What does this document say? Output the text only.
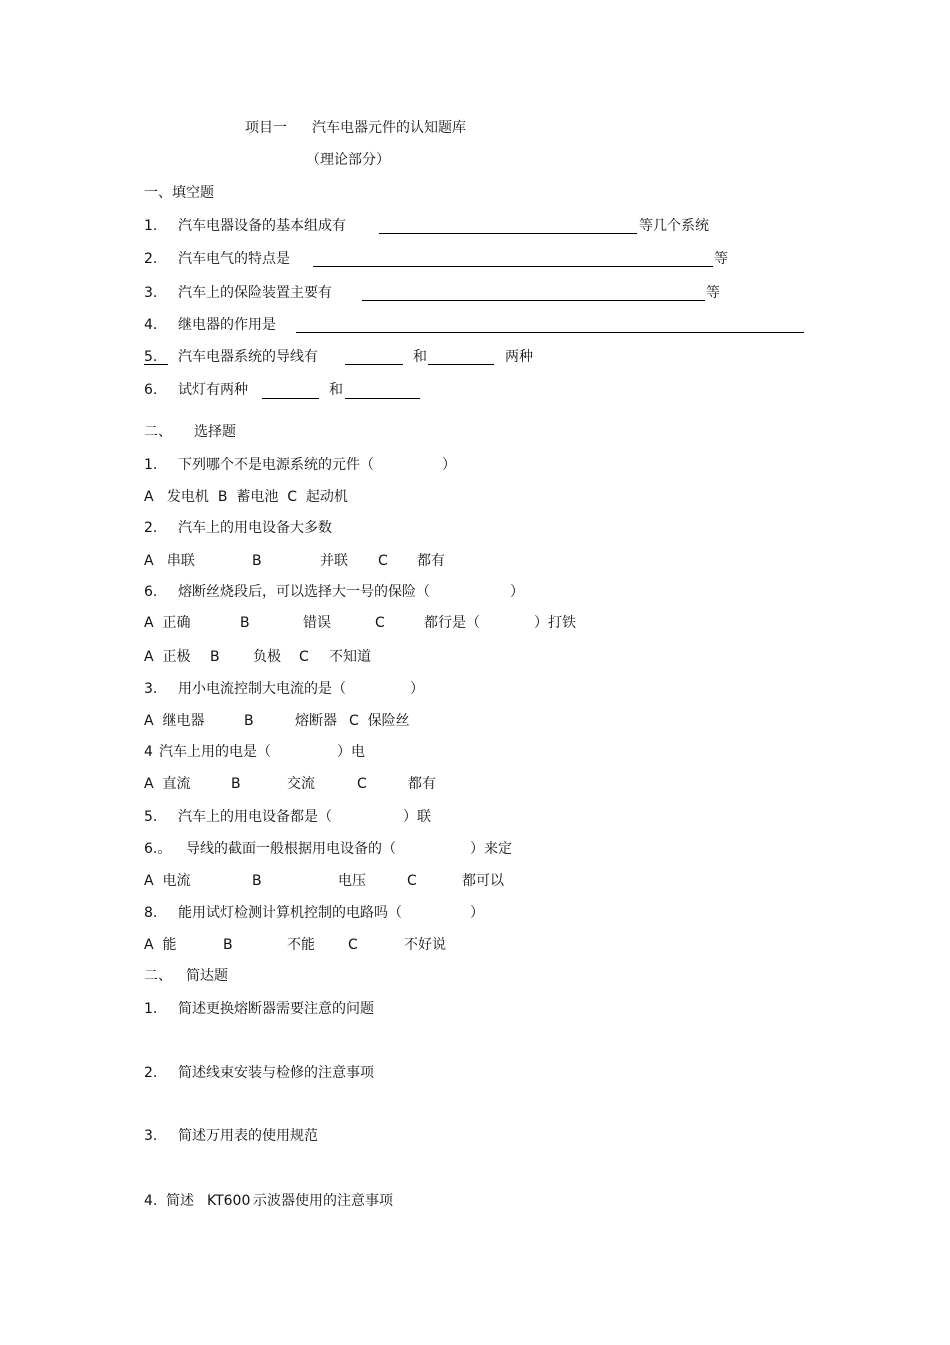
项目一 汽车电器元件的认知题库
（理论部分）
一、填空题
1. 汽车电器设备的基本组成有	等几个系统
2. 汽车电气的特点是	等
3. 汽车上的保险装置主要有	等
4. 继电器的作用是
5. 汽车电器系统的导线有	和	两种
6. 试灯有两种	和
二、 选择题
1. 下列哪个不是电源系统的元件（	）
A   发电机  B  蓄电池  C  起动机
2. 汽车上的用电设备大多数
A   串联	B	并联 C 都有
6. 熔断丝烧段后，可以选择大一号的保险（	）
A  正确	B	错误	C	都行是（	）打铁
A  正极 B 负极 C 不知道
3. 用小电流控制大电流的是（	）
A  继电器	B	熔断器 C  保险丝
4 汽车上用的电是（	）电
A  直流	B	交流	C	都有
5. 汽车上的用电设备都是（	）联
6.。 导线的截面一般根据用电设备的（	）来定
A  电流	B	电压	C	都可以
8. 能用试灯检测计算机控制的电路吗（	）
A  能	B	不能 C	不好说
二、 简达题
1. 简述更换熔断器需要注意的问题
2. 简述线束安装与检修的注意事项
3. 简述万用表的使用规范
4. 简述 KT600 示波器使用的注意事项
